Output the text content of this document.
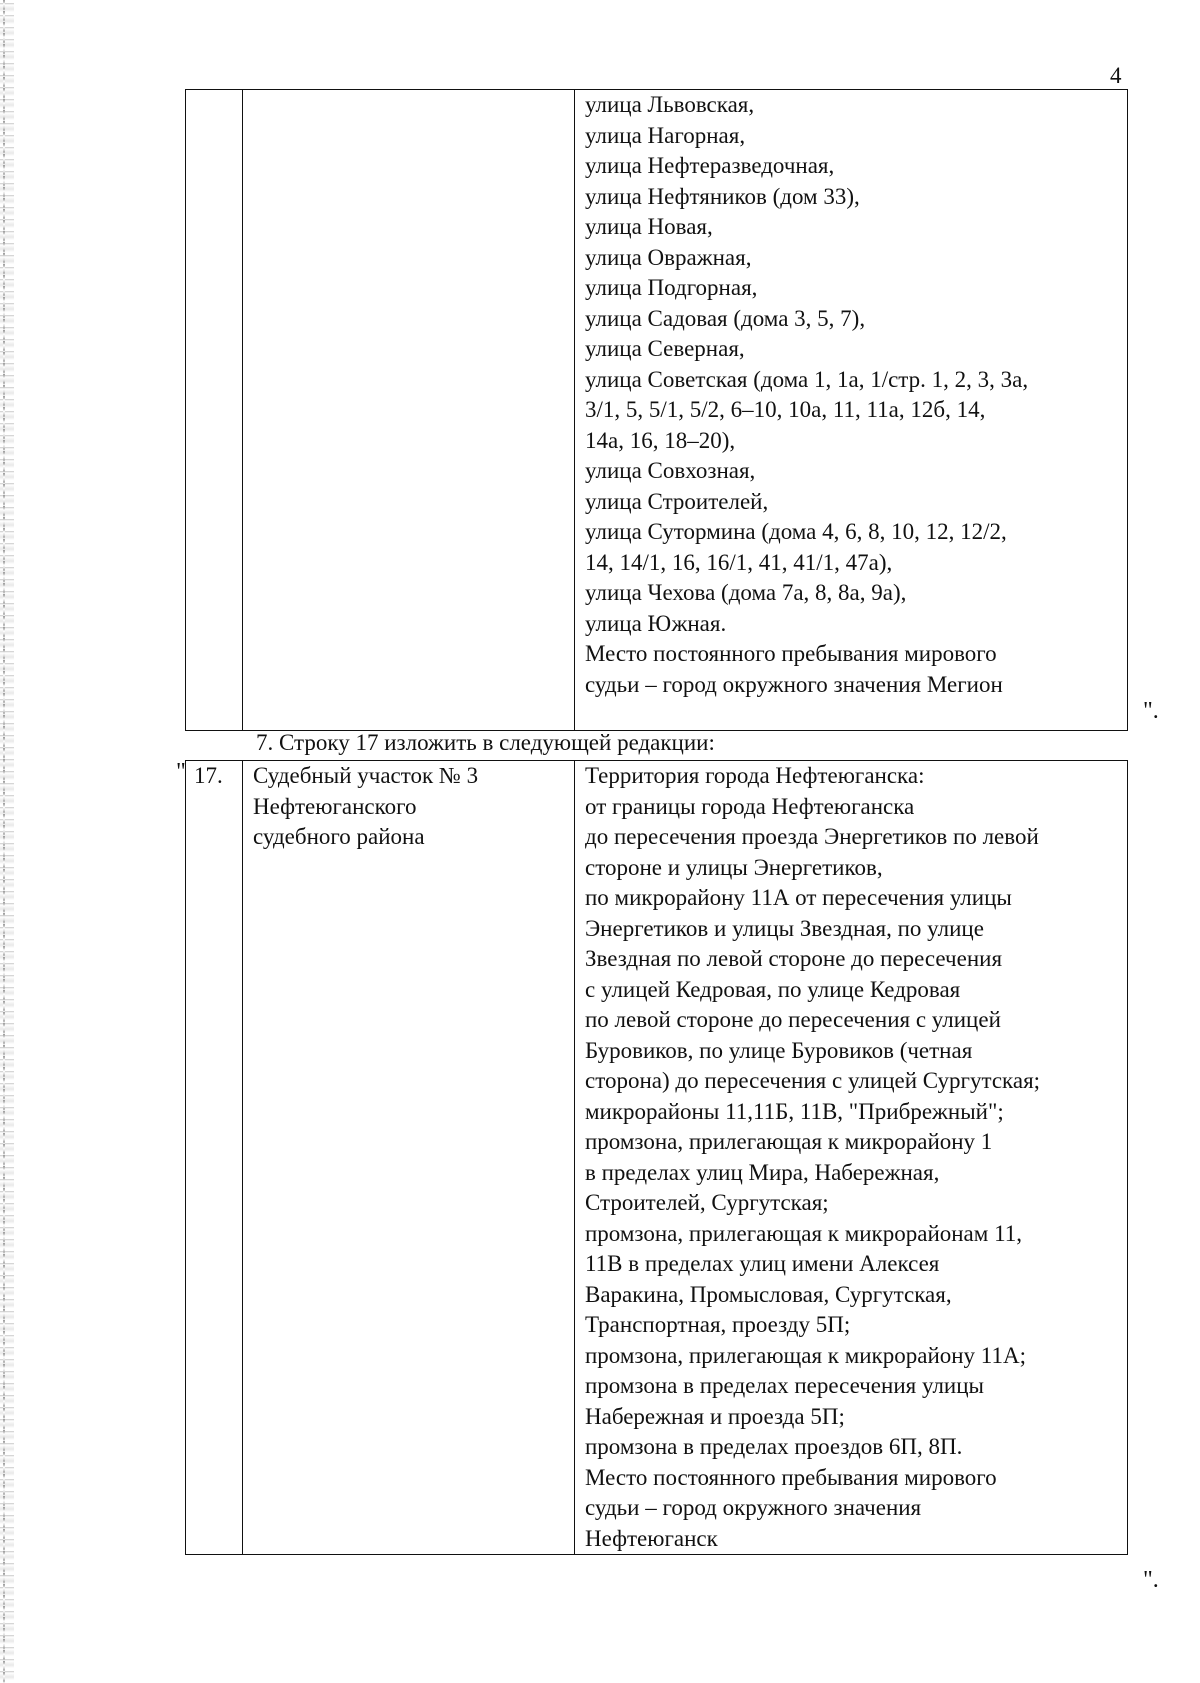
4

улица Львовская,
улица Нагорная,
улица Нефтеразведочная,
улица Нефтяников (дом 33),
улица Новая,
улица Овражная,
улица Подгорная,
улица Садовая (дома 3, 5, 7),
улица Северная,
улица Советская (дома 1, 1а, 1/стр. 1, 2, 3, 3а,
3/1, 5, 5/1, 5/2, 6–10, 10а, 11, 11а, 12б, 14,
14а, 16, 18–20),
улица Совхозная,
улица Строителей,
улица Сутормина (дома 4, 6, 8, 10, 12, 12/2,
14, 14/1, 16, 16/1, 41, 41/1, 47а),
улица Чехова (дома 7а, 8, 8а, 9а),
улица Южная.
Место постоянного пребывания мирового
судьи – город окружного значения Мегион
".
7. Строку 17 изложить в следующей редакции:
" 17.	Судебный участок № 3
Нефтеюганского
судебного района

Территория города Нефтеюганска:
от границы города Нефтеюганска
до пересечения проезда Энергетиков по левой
стороне и улицы Энергетиков,
по микрорайону 11А от пересечения улицы
Энергетиков и улицы Звездная, по улице
Звездная по левой стороне до пересечения
с улицей Кедровая, по улице Кедровая
по левой стороне до пересечения с улицей
Буровиков, по улице Буровиков (четная
сторона) до пересечения с улицей Сургутская;
микрорайоны 11,11Б, 11В, "Прибрежный";
промзона, прилегающая к микрорайону 1
в пределах улиц Мира, Набережная,
Строителей, Сургутская;
промзона, прилегающая к микрорайонам 11,
11В в пределах улиц имени Алексея
Варакина, Промысловая, Сургутская,
Транспортная, проезду 5П;
промзона, прилегающая к микрорайону 11А;
промзона в пределах пересечения улицы
Набережная и проезда 5П;
промзона в пределах проездов 6П, 8П.
Место постоянного пребывания мирового
судьи – город окружного значения
Нефтеюганск
".
